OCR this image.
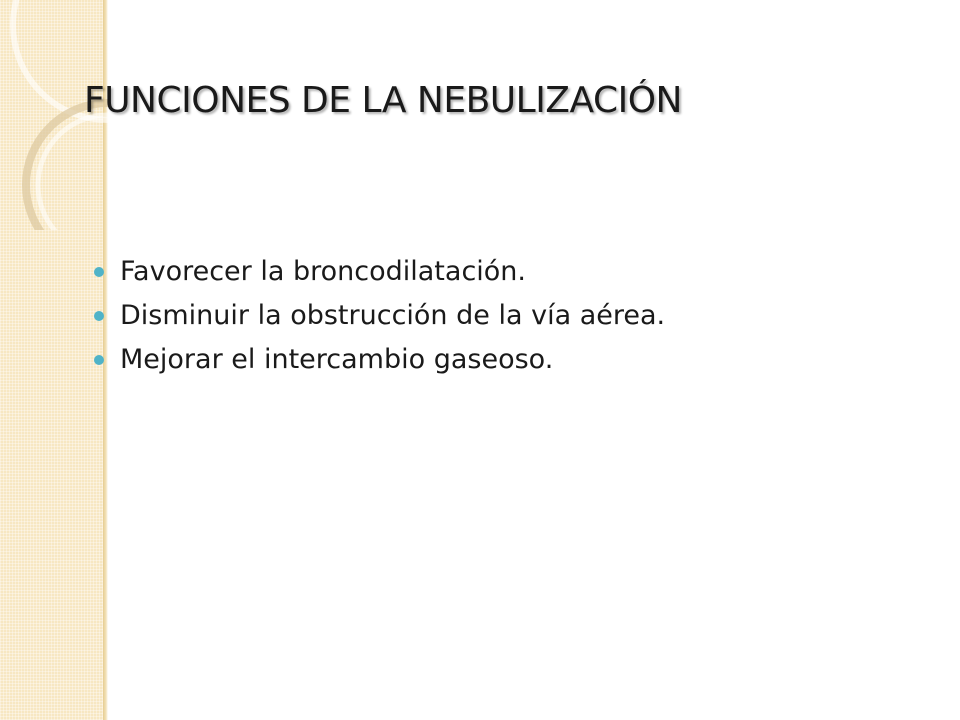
FUNCIONES DE LA NEBULIZACIÓN
Favorecer la broncodilatación.
Disminuir la obstrucción de la vía aérea.
Mejorar el intercambio gaseoso.
